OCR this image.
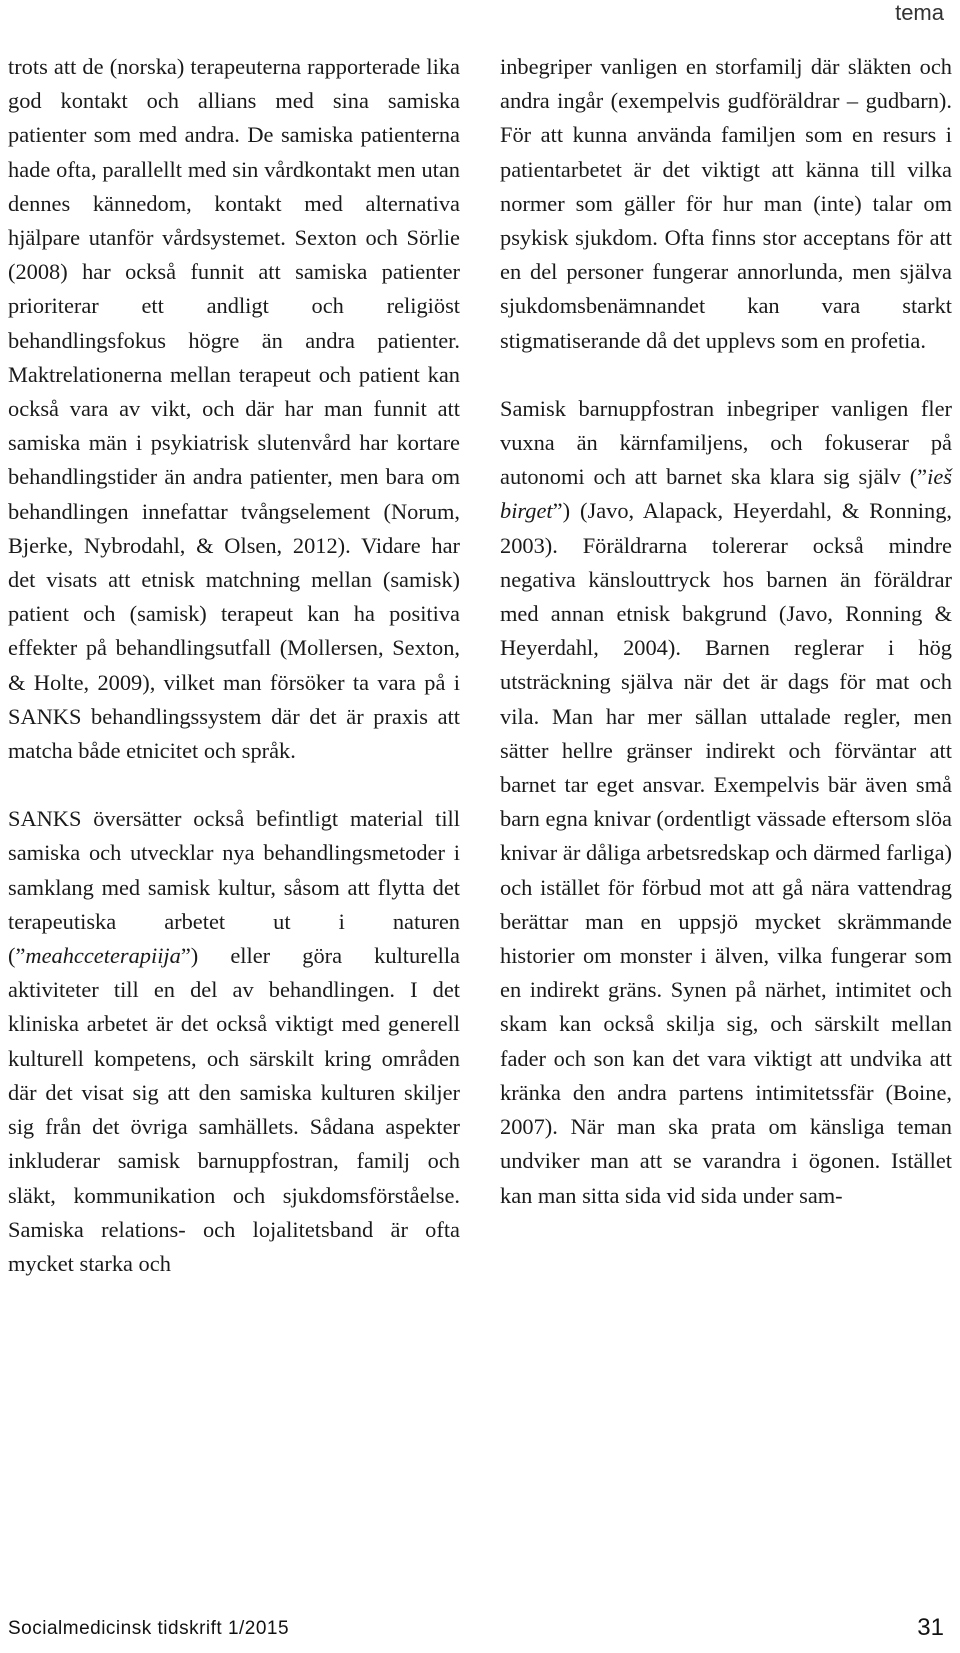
tema

trots att de (norska) terapeuterna rapporterade lika god kontakt och allians med sina samiska patienter som med andra. De samiska patienterna hade ofta, parallellt med sin vårdkontakt men utan dennes kännedom, kontakt med alternativa hjälpare utanför vårdsystemet. Sexton och Sörlie (2008) har också funnit att samiska patienter prioriterar ett andligt och religiöst behandlingsfokus högre än andra patienter. Maktrelationerna mellan terapeut och patient kan också vara av vikt, och där har man funnit att samiska män i psykiatrisk slutenvård har kortare behandlingstider än andra patienter, men bara om behandlingen innefattar tvångselement (Norum, Bjerke, Nybrodahl, & Olsen, 2012). Vidare har det visats att etnisk matchning mellan (samisk) patient och (samisk) terapeut kan ha positiva effekter på behandlingsutfall (Mollersen, Sexton, & Holte, 2009), vilket man försöker ta vara på i SANKS behandlingssystem där det är praxis att matcha både etnicitet och språk.

SANKS översätter också befintligt material till samiska och utvecklar nya behandlingsmetoder i samklang med samisk kultur, såsom att flytta det terapeutiska arbetet ut i naturen (”meahcceterapiija”) eller göra kulturella aktiviteter till en del av behandlingen. I det kliniska arbetet är det också viktigt med generell kulturell kompetens, och särskilt kring områden där det visat sig att den samiska kulturen skiljer sig från det övriga samhällets. Sådana aspekter inkluderar samisk barnuppfostran, familj och släkt, kommunikation och sjukdomsförståelse. Samiska relations- och lojalitetsband är ofta mycket starka och

inbegriper vanligen en storfamilj där släkten och andra ingår (exempelvis gudföräldrar – gudbarn). För att kunna använda familjen som en resurs i patientarbetet är det viktigt att känna till vilka normer som gäller för hur man (inte) talar om psykisk sjukdom. Ofta finns stor acceptans för att en del personer fungerar annorlunda, men själva sjukdomsbenämnandet kan vara starkt stigmatiserande då det upplevs som en profetia.

Samisk barnuppfostran inbegriper vanligen fler vuxna än kärnfamiljens, och fokuserar på autonomi och att barnet ska klara sig själv (”ieš birget”) (Javo, Alapack, Heyerdahl, & Ronning, 2003). Föräldrarna tolererar också mindre negativa känslouttryck hos barnen än föräldrar med annan etnisk bakgrund (Javo, Ronning & Heyerdahl, 2004). Barnen reglerar i hög utsträckning själva när det är dags för mat och vila. Man har mer sällan uttalade regler, men sätter hellre gränser indirekt och förväntar att barnet tar eget ansvar. Exempelvis bär även små barn egna knivar (ordentligt vässade eftersom slöa knivar är dåliga arbetsredskap och därmed farliga) och istället för förbud mot att gå nära vattendrag berättar man en uppsjö mycket skrämmande historier om monster i älven, vilka fungerar som en indirekt gräns. Synen på närhet, intimitet och skam kan också skilja sig, och särskilt mellan fader och son kan det vara viktigt att undvika att kränka den andra partens intimitetssfär (Boine, 2007). När man ska prata om känsliga teman undviker man att se varandra i ögonen. Istället kan man sitta sida vid sida under sam-

Socialmedicinsk tidskrift 1/2015	31
